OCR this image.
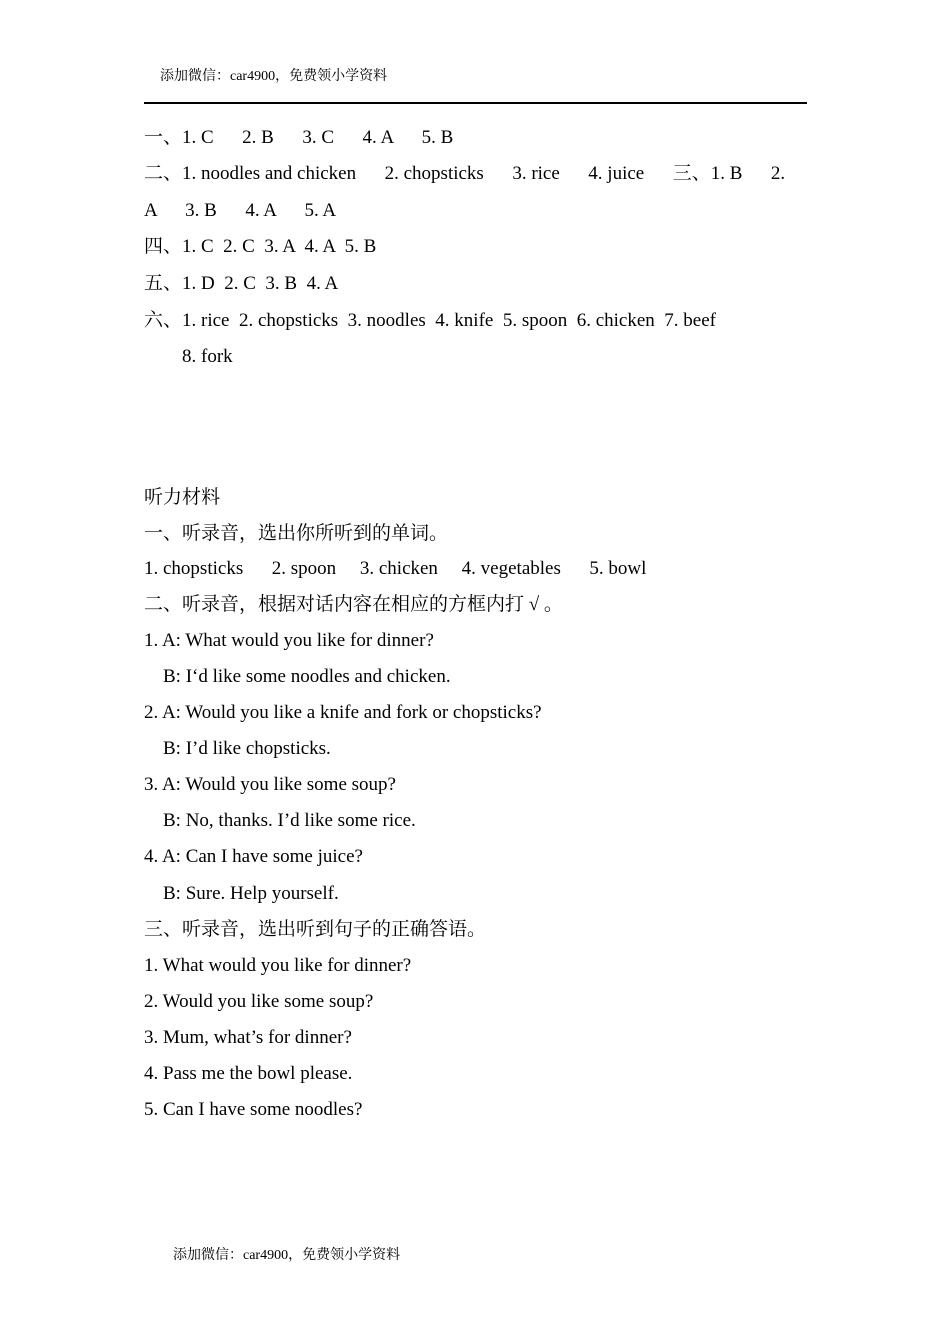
添加微信：car4900，免费领小学资料
一、1. C      2. B      3. C      4. A      5. B
二、1. noodles and chicken      2. chopsticks      3. rice      4. juice      三、1. B      2.
A      3. B      4. A      5. A
四、1. C  2. C  3. A  4. A  5. B
五、1. D  2. C  3. B  4. A
六、1. rice  2. chopsticks  3. noodles  4. knife  5. spoon  6. chicken  7. beef
8. fork
听力材料
一、听录音，选出你所听到的单词。
1. chopsticks      2. spoon     3. chicken     4. vegetables      5. bowl
二、听录音，根据对话内容在相应的方框内打 √ 。
1. A: What would you like for dinner?
B: I‘d like some noodles and chicken.
2. A: Would you like a knife and fork or chopsticks?
B: I’d like chopsticks.
3. A: Would you like some soup?
B: No, thanks. I’d like some rice.
4. A: Can I have some juice?
B: Sure. Help yourself.
三、听录音，选出听到句子的正确答语。
1. What would you like for dinner?
2. Would you like some soup?
3. Mum, what’s for dinner?
4. Pass me the bowl please.
5. Can I have some noodles?
添加微信：car4900，免费领小学资料
